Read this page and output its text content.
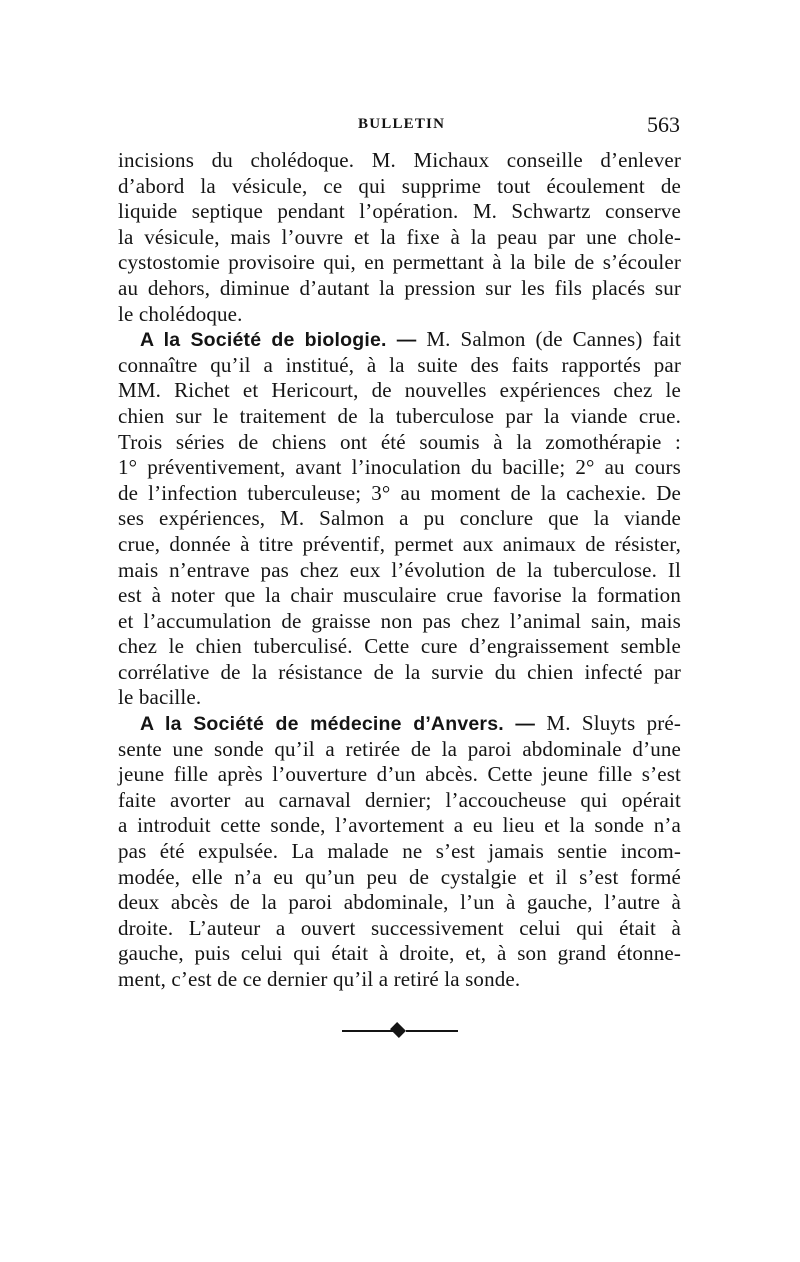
BULLETIN	563
incisions du cholédoque. M. Michaux conseille d’enlever
d’abord la vésicule, ce qui supprime tout écoulement de
liquide septique pendant l’opération. M. Schwartz conserve
la vésicule, mais l’ouvre et la fixe à la peau par une chole-
cystostomie provisoire qui, en permettant à la bile de s’écouler
au dehors, diminue d’autant la pression sur les fils placés sur
le cholédoque.
A la Société de biologie. — M. Salmon (de Cannes) fait
connaître qu’il a institué, à la suite des faits rapportés par
MM. Richet et Hericourt, de nouvelles expériences chez le
chien sur le traitement de la tuberculose par la viande crue.
Trois séries de chiens ont été soumis à la zomothérapie :
1° préventivement, avant l’inoculation du bacille; 2° au cours
de l’infection tuberculeuse; 3° au moment de la cachexie. De
ses expériences, M. Salmon a pu conclure que la viande
crue, donnée à titre préventif, permet aux animaux de résister,
mais n’entrave pas chez eux l’évolution de la tuberculose. Il
est à noter que la chair musculaire crue favorise la formation
et l’accumulation de graisse non pas chez l’animal sain, mais
chez le chien tuberculisé. Cette cure d’engraissement semble
corrélative de la résistance de la survie du chien infecté par
le bacille.
A la Société de médecine d’Anvers. — M. Sluyts pré-
sente une sonde qu’il a retirée de la paroi abdominale d’une
jeune fille après l’ouverture d’un abcès. Cette jeune fille s’est
faite avorter au carnaval dernier; l’accoucheuse qui opérait
a introduit cette sonde, l’avortement a eu lieu et la sonde n’a
pas été expulsée. La malade ne s’est jamais sentie incom-
modée, elle n’a eu qu’un peu de cystalgie et il s’est formé
deux abcès de la paroi abdominale, l’un à gauche, l’autre à
droite. L’auteur a ouvert successivement celui qui était à
gauche, puis celui qui était à droite, et, à son grand étonne-
ment, c’est de ce dernier qu’il a retiré la sonde.
